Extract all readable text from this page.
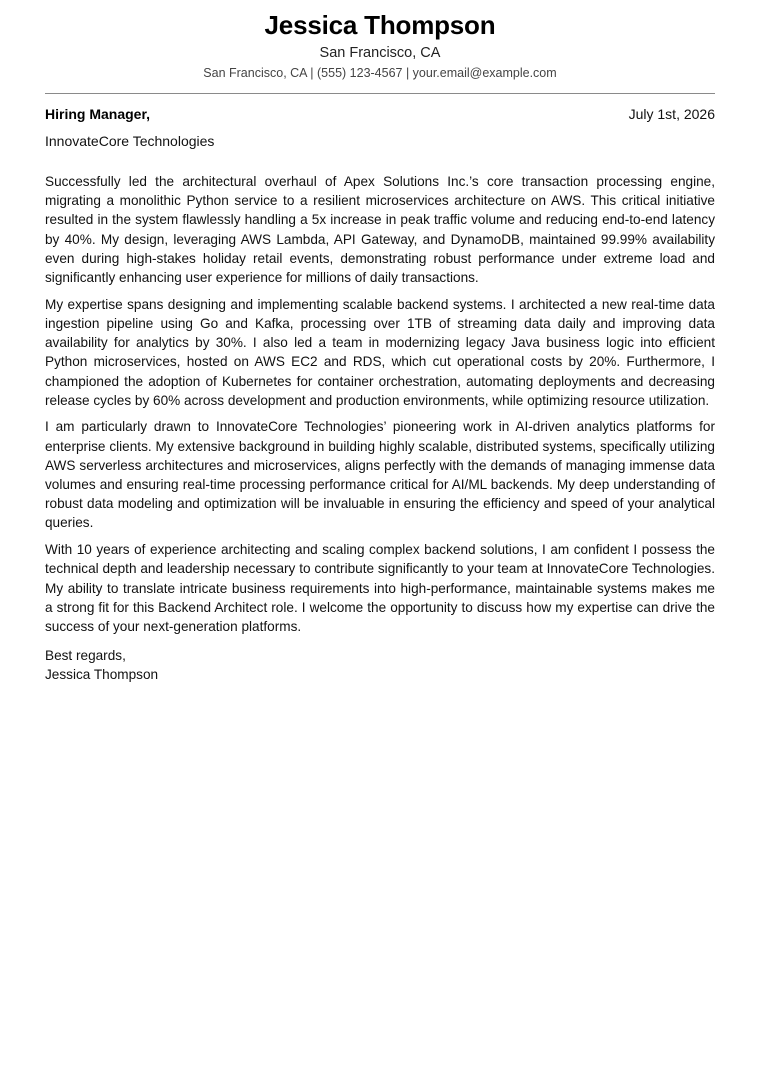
Jessica Thompson
San Francisco, CA
San Francisco, CA | (555) 123-4567 | your.email@example.com
Hiring Manager,	July 1st, 2026
InnovateCore Technologies

Successfully led the architectural overhaul of Apex Solutions Inc.’s core transaction processing engine, migrating a monolithic Python service to a resilient microservices architecture on AWS. This critical initiative resulted in the system flawlessly handling a 5x increase in peak traffic volume and reducing end-to-end latency by 40%. My design, leveraging AWS Lambda, API Gateway, and DynamoDB, maintained 99.99% availability even during high-stakes holiday retail events, demonstrating robust performance under extreme load and significantly enhancing user experience for millions of daily transactions.

My expertise spans designing and implementing scalable backend systems. I architected a new real-time data ingestion pipeline using Go and Kafka, processing over 1TB of streaming data daily and improving data availability for analytics by 30%. I also led a team in modernizing legacy Java business logic into efficient Python microservices, hosted on AWS EC2 and RDS, which cut operational costs by 20%. Furthermore, I championed the adoption of Kubernetes for container orchestration, automating deployments and decreasing release cycles by 60% across development and production environments, while optimizing resource utilization.

I am particularly drawn to InnovateCore Technologies’ pioneering work in AI-driven analytics platforms for enterprise clients. My extensive background in building highly scalable, distributed systems, specifically utilizing AWS serverless architectures and microservices, aligns perfectly with the demands of managing immense data volumes and ensuring real-time processing performance critical for AI/ML backends. My deep understanding of robust data modeling and optimization will be invaluable in ensuring the efficiency and speed of your analytical queries.

With 10 years of experience architecting and scaling complex backend solutions, I am confident I possess the technical depth and leadership necessary to contribute significantly to your team at InnovateCore Technologies. My ability to translate intricate business requirements into high-performance, maintainable systems makes me a strong fit for this Backend Architect role. I welcome the opportunity to discuss how my expertise can drive the success of your next-generation platforms.

Best regards,
Jessica Thompson
